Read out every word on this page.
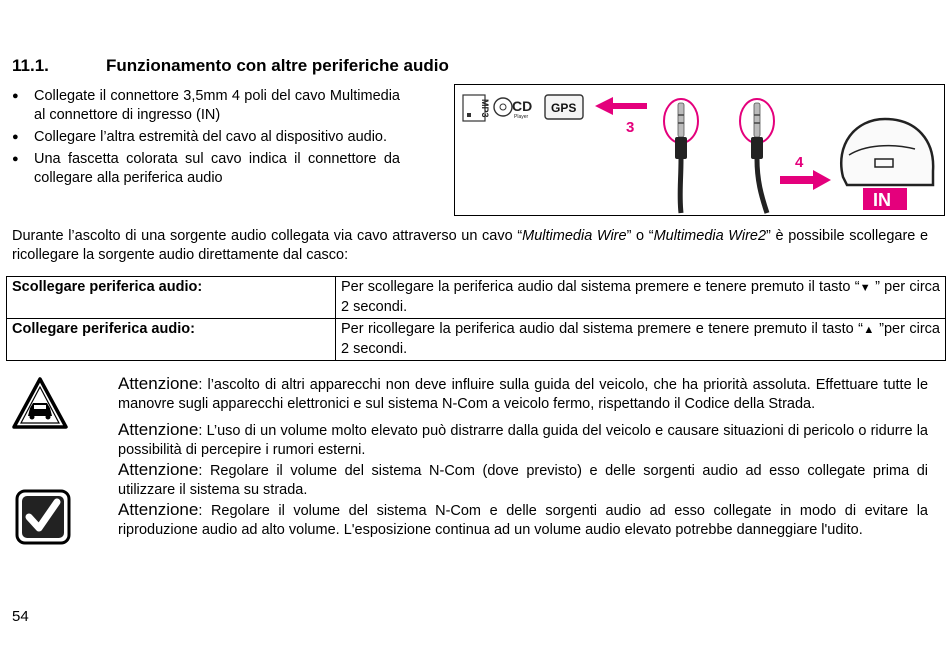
11.1.	Funzionamento con altre periferiche audio
● Collegate il connettore 3,5mm 4 poli del cavo Multimedia al connettore di ingresso (IN)
● Collegare l’altra estremità del cavo al dispositivo audio.
● Una fascetta colorata sul cavo indica il connettore da collegare alla periferica audio
MP3 CD
Player
GPS
3
4
IN
Durante l’ascolto di una sorgente audio collegata via cavo attraverso un cavo “Multimedia Wire” o “Multimedia Wire2” è possibile scollegare e ricollegare la sorgente audio direttamente dal casco:
Scollegare periferica audio:	Per scollegare la periferica audio dal sistema premere e tenere premuto il tasto “▼ ” per circa 2 secondi.
Collegare periferica audio:	Per ricollegare la periferica audio dal sistema premere e tenere premuto il tasto “▲ ”per circa 2 secondi.

Attenzione: l’ascolto di altri apparecchi non deve influire sulla guida del veicolo, che ha priorità assoluta. Effettuare tutte le manovre sugli apparecchi elettronici e sul sistema N-Com a veicolo fermo, rispettando il Codice della Strada.

Attenzione: L’uso di un volume molto elevato può distrarre dalla guida del veicolo e causare situazioni di pericolo o ridurre la possibilità di percepire i rumori esterni.

Attenzione: Regolare il volume del sistema N-Com (dove previsto) e delle sorgenti audio ad esso collegate prima di utilizzare il sistema su strada.

Attenzione: Regolare il volume del sistema N-Com e delle sorgenti audio ad esso collegate in modo di evitare la riproduzione audio ad alto volume. L'esposizione continua ad un volume audio elevato potrebbe danneggiare l'udito.

54
